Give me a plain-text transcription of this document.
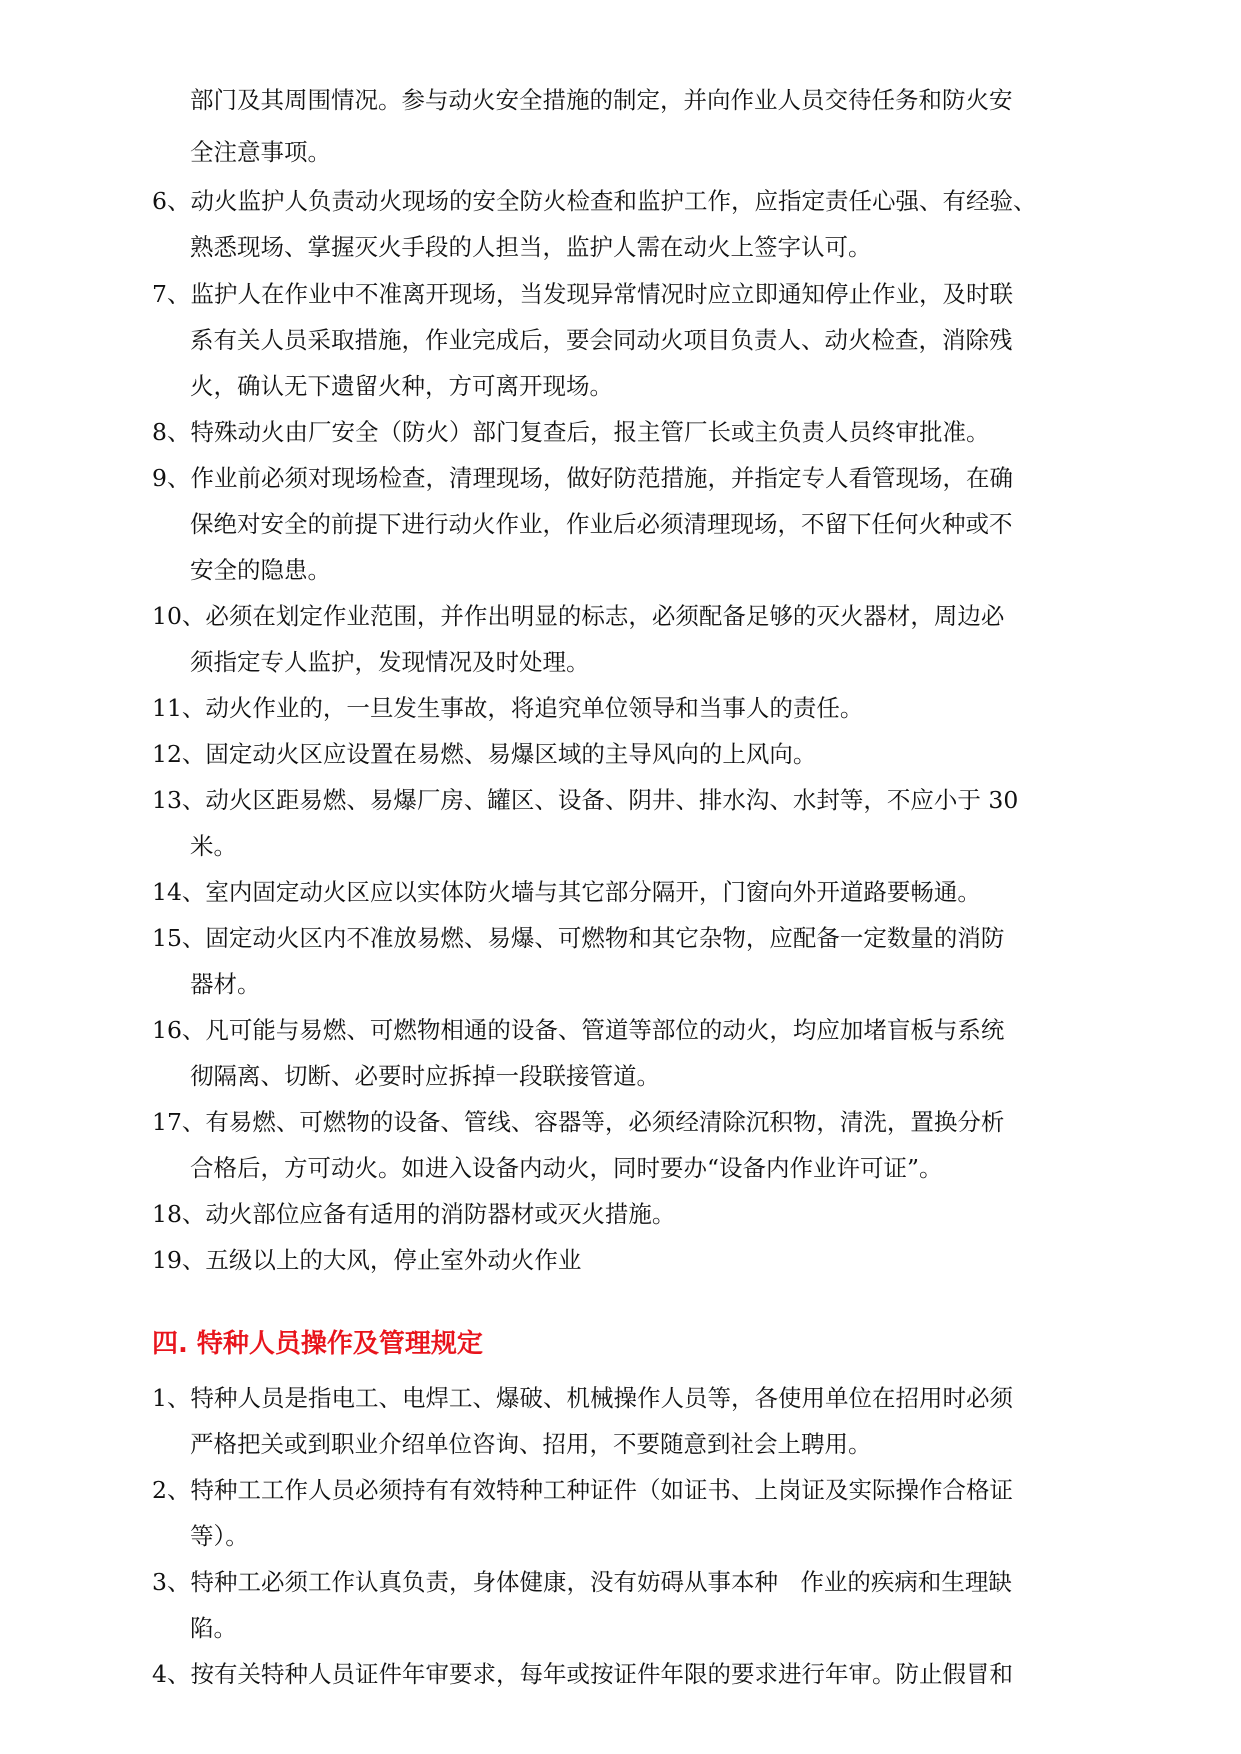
部门及其周围情况。参与动火安全措施的制定，并向作业人员交待任务和防火安
全注意事项。
6、动火监护人负责动火现场的安全防火检查和监护工作，应指定责任心强、有经验、
熟悉现场、掌握灭火手段的人担当，监护人需在动火上签字认可。
7、监护人在作业中不准离开现场，当发现异常情况时应立即通知停止作业，及时联
系有关人员采取措施，作业完成后，要会同动火项目负责人、动火检查，消除残
火，确认无下遗留火种，方可离开现场。
8、特殊动火由厂安全（防火）部门复查后，报主管厂长或主负责人员终审批准。
9、作业前必须对现场检查，清理现场，做好防范措施，并指定专人看管现场，在确
保绝对安全的前提下进行动火作业，作业后必须清理现场，不留下任何火种或不
安全的隐患。
10、必须在划定作业范围，并作出明显的标志，必须配备足够的灭火器材，周边必
须指定专人监护，发现情况及时处理。
11、动火作业的，一旦发生事故，将追究单位领导和当事人的责任。
12、固定动火区应设置在易燃、易爆区域的主导风向的上风向。
13、动火区距易燃、易爆厂房、罐区、设备、阴井、排水沟、水封等，不应小于 30
米。
14、室内固定动火区应以实体防火墙与其它部分隔开，门窗向外开道路要畅通。
15、固定动火区内不准放易燃、易爆、可燃物和其它杂物，应配备一定数量的消防
器材。
16、凡可能与易燃、可燃物相通的设备、管道等部位的动火，均应加堵盲板与系统
彻隔离、切断、必要时应拆掉一段联接管道。
17、有易燃、可燃物的设备、管线、容器等，必须经清除沉积物，清洗，置换分析
合格后，方可动火。如进入设备内动火，同时要办“设备内作业许可证”。
18、动火部位应备有适用的消防器材或灭火措施。
19、五级以上的大风，停止室外动火作业
四. 特种人员操作及管理规定
1、特种人员是指电工、电焊工、爆破、机械操作人员等，各使用单位在招用时必须
严格把关或到职业介绍单位咨询、招用，不要随意到社会上聘用。
2、特种工工作人员必须持有有效特种工种证件（如证书、上岗证及实际操作合格证
等）。
3、特种工必须工作认真负责，身体健康，没有妨碍从事本种   作业的疾病和生理缺
陷。
4、按有关特种人员证件年审要求，每年或按证件年限的要求进行年审。防止假冒和
